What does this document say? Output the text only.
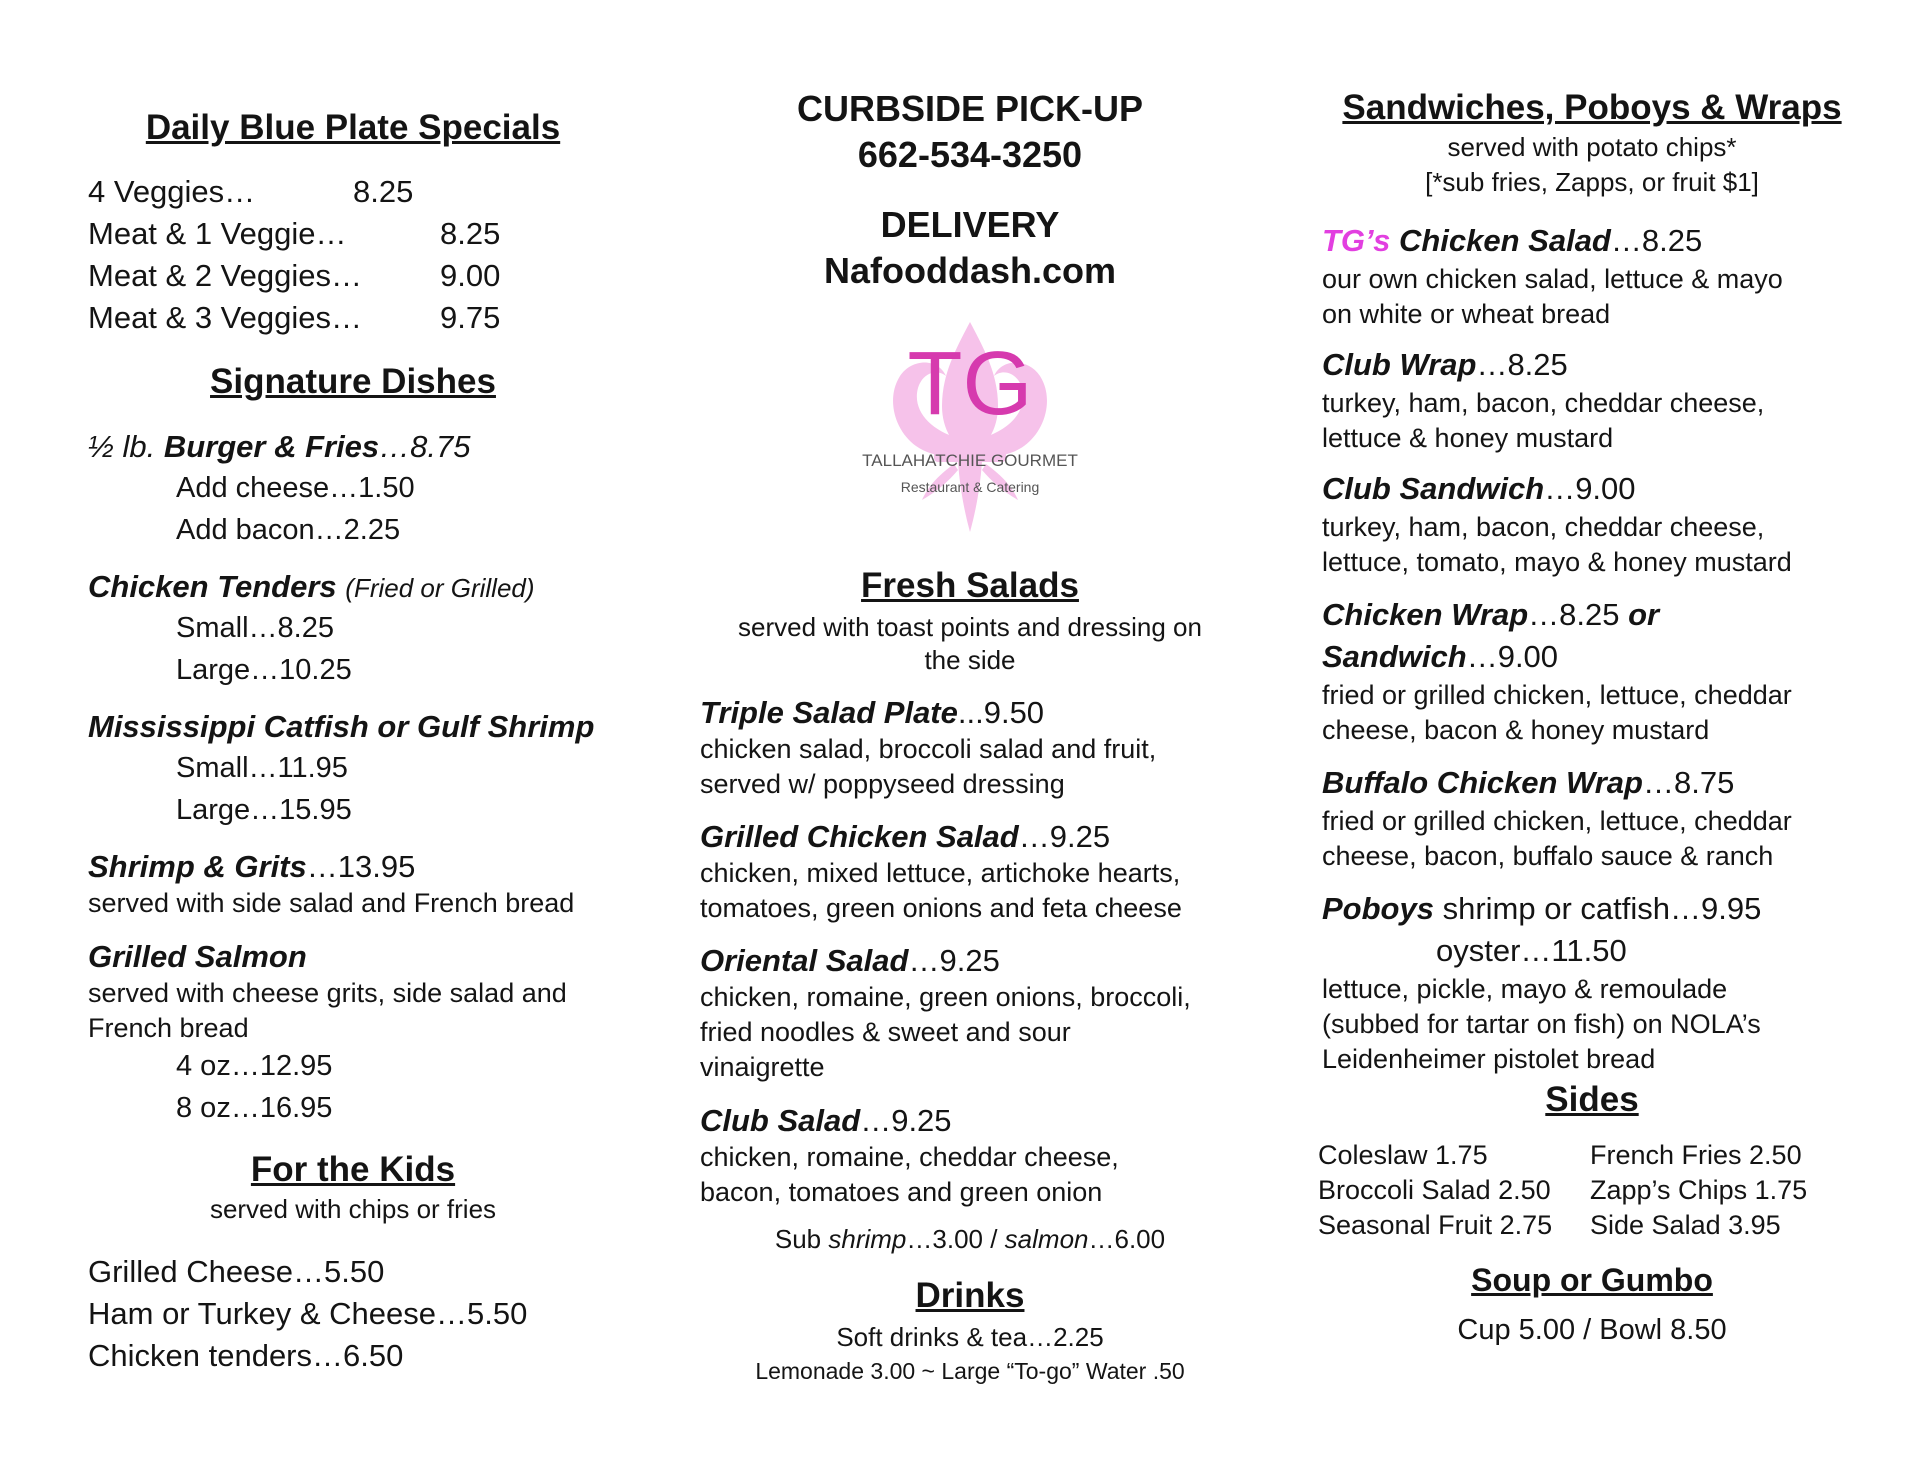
Daily Blue Plate Specials
4 Veggies…	8.25
Meat & 1 Veggie…	8.25
Meat & 2 Veggies…	9.00
Meat & 3 Veggies…	9.75
Signature Dishes
½ lb. Burger & Fries…8.75
Add cheese…1.50
Add bacon…2.25
Chicken Tenders (Fried or Grilled)
Small…8.25
Large…10.25
Mississippi Catfish or Gulf Shrimp
Small…11.95
Large…15.95
Shrimp & Grits…13.95
served with side salad and French bread
Grilled Salmon
served with cheese grits, side salad and
French bread
4 oz…12.95
8 oz…16.95
For the Kids
served with chips or fries
Grilled Cheese…5.50
Ham or Turkey & Cheese…5.50
Chicken tenders…6.50
CURBSIDE PICK-UP
662-534-3250
DELIVERY
Nafooddash.com
TG
TALLAHATCHIE GOURMET
Restaurant & Catering
Fresh Salads
served with toast points and dressing on
the side
Triple Salad Plate...9.50
chicken salad, broccoli salad and fruit,
served w/ poppyseed dressing
Grilled Chicken Salad…9.25
chicken, mixed lettuce, artichoke hearts,
tomatoes, green onions and feta cheese
Oriental Salad…9.25
chicken, romaine, green onions, broccoli,
fried noodles & sweet and sour
vinaigrette
Club Salad…9.25
chicken, romaine, cheddar cheese,
bacon, tomatoes and green onion
Sub shrimp…3.00 / salmon…6.00
Drinks
Soft drinks & tea…2.25
Lemonade 3.00 ~ Large “To-go” Water .50
Sandwiches, Poboys & Wraps
served with potato chips*
[*sub fries, Zapps, or fruit $1]
TG’s Chicken Salad…8.25
our own chicken salad, lettuce & mayo
on white or wheat bread
Club Wrap…8.25
turkey, ham, bacon, cheddar cheese,
lettuce & honey mustard
Club Sandwich…9.00
turkey, ham, bacon, cheddar cheese,
lettuce, tomato, mayo & honey mustard
Chicken Wrap…8.25 or
Sandwich…9.00
fried or grilled chicken, lettuce, cheddar
cheese, bacon & honey mustard
Buffalo Chicken Wrap…8.75
fried or grilled chicken, lettuce, cheddar
cheese, bacon, buffalo sauce & ranch
Poboys shrimp or catfish…9.95
oyster…11.50
lettuce, pickle, mayo & remoulade
(subbed for tartar on fish) on NOLA’s
Leidenheimer pistolet bread
Sides
Coleslaw 1.75
Broccoli Salad 2.50
Seasonal Fruit 2.75
French Fries 2.50
Zapp’s Chips 1.75
Side Salad 3.95
Soup or Gumbo
Cup 5.00 / Bowl 8.50
